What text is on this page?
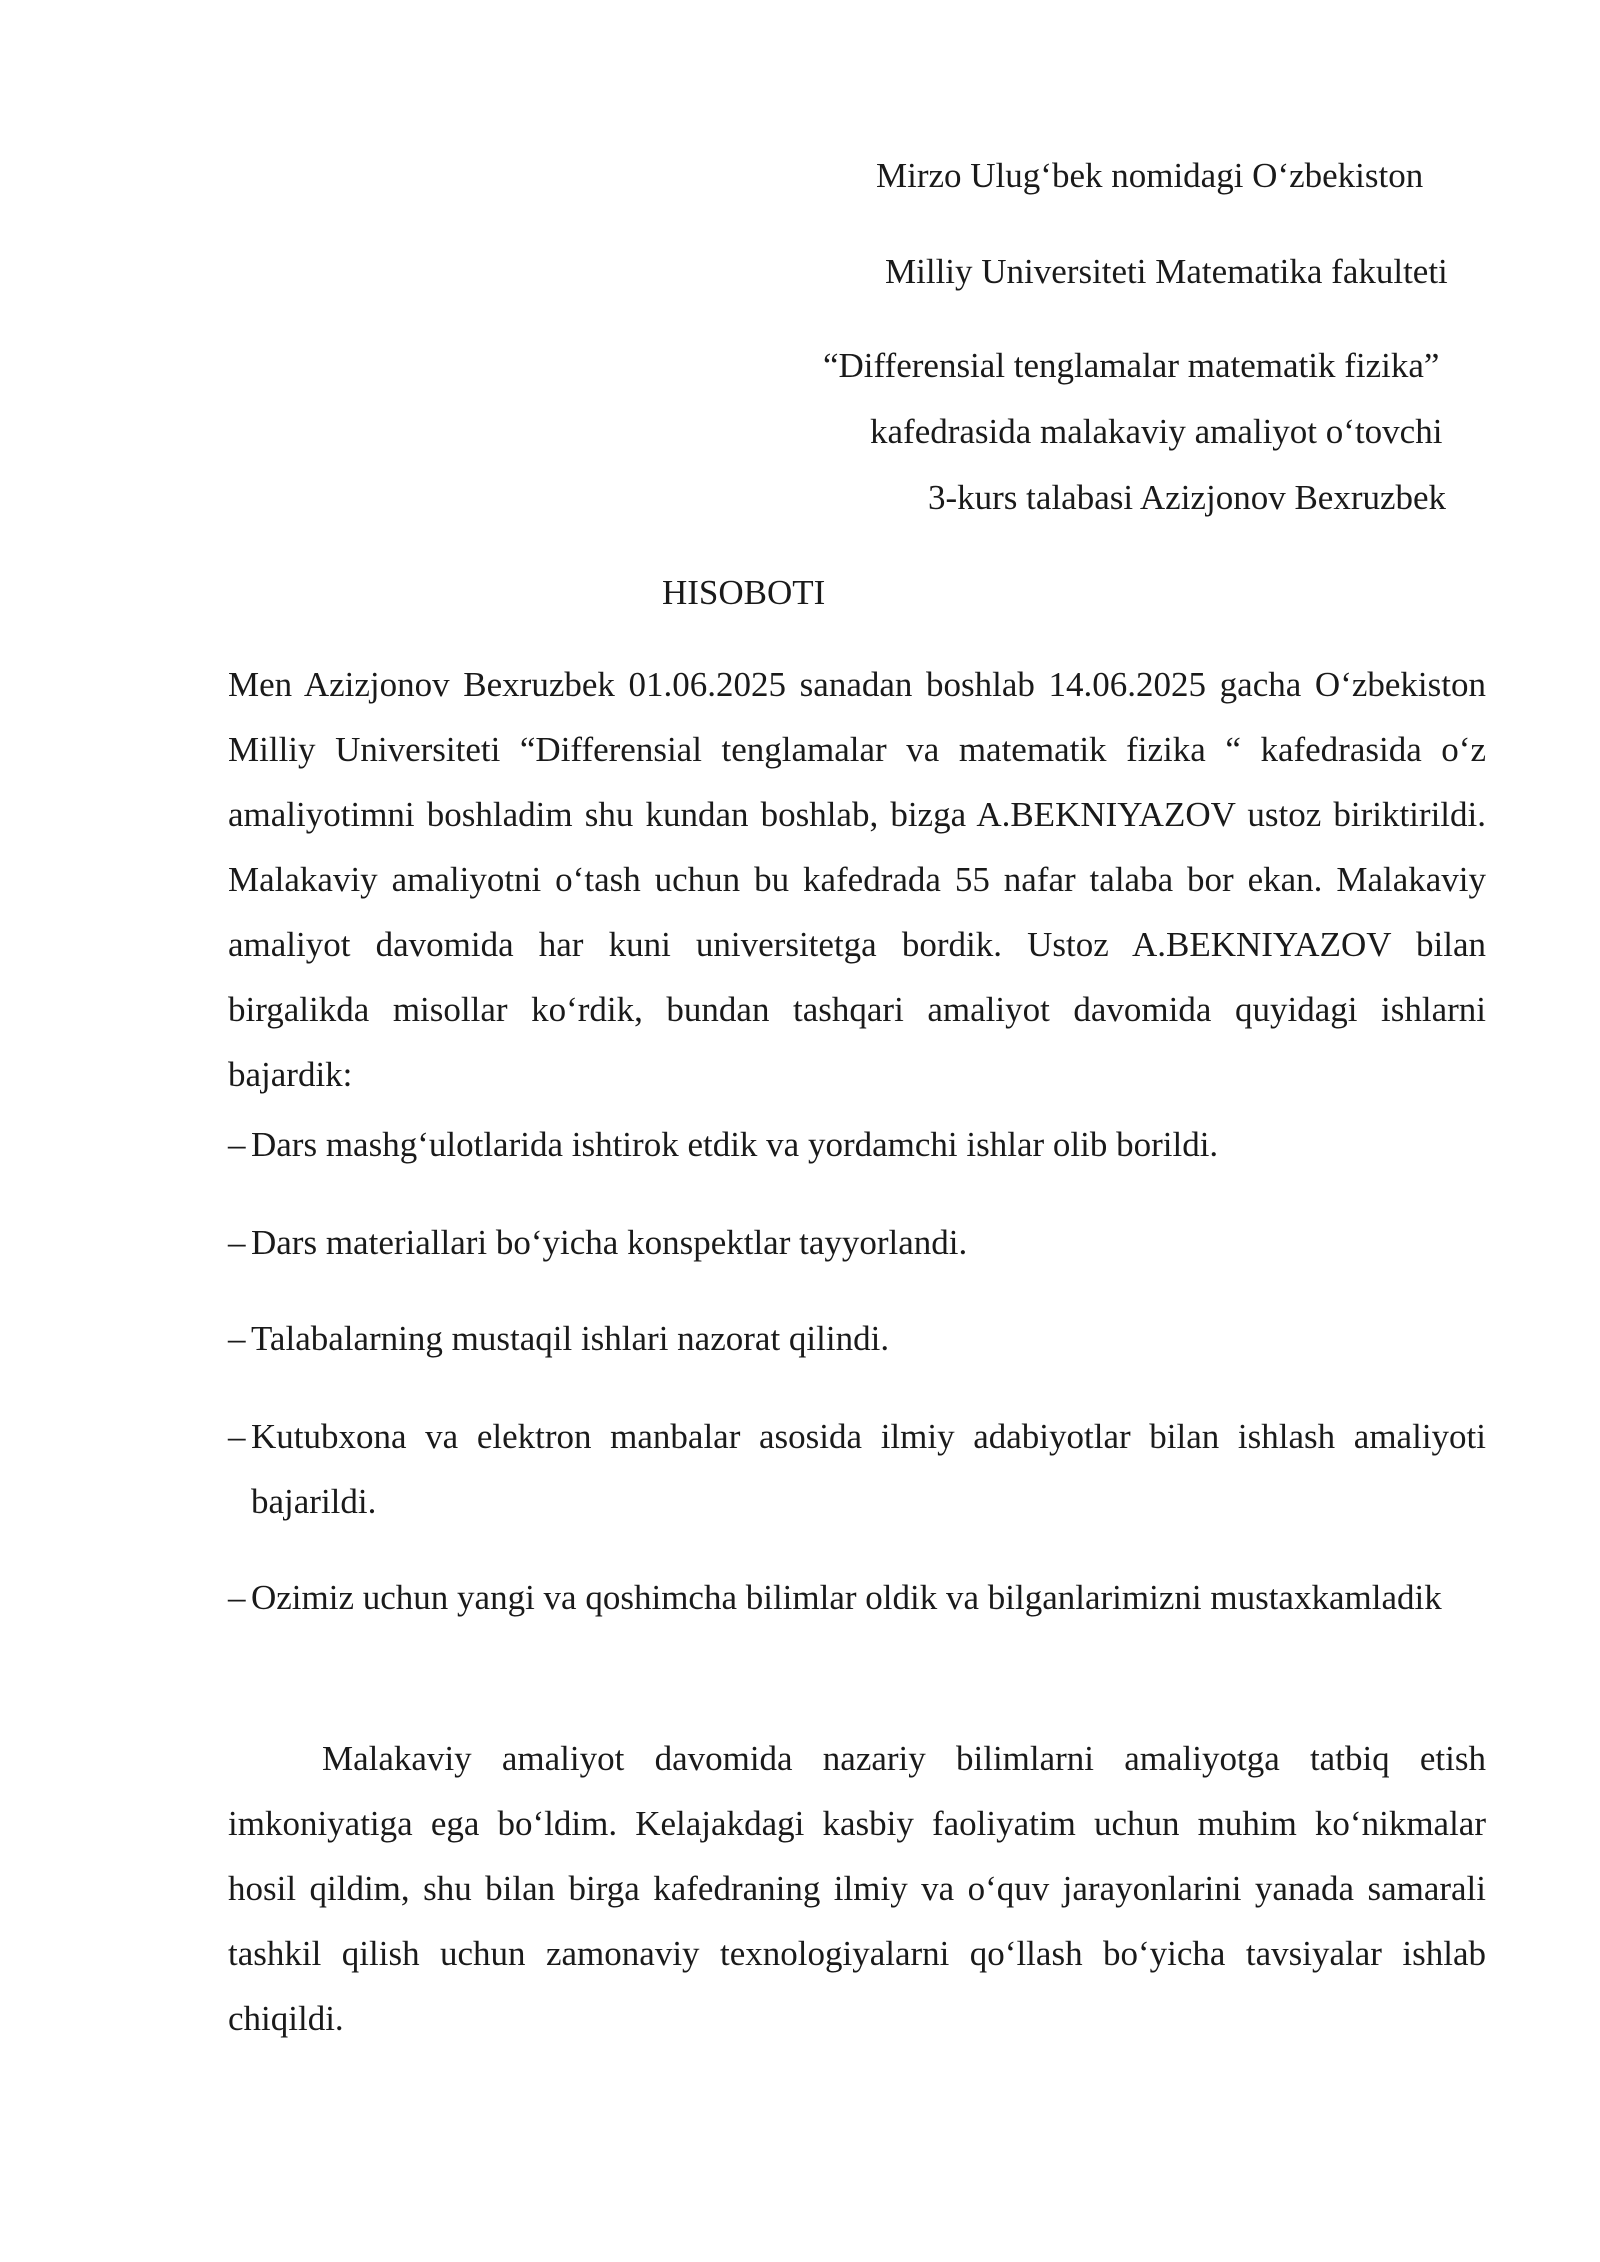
Mirzo Ulug‘bek nomidagi O‘zbekiston
Milliy Universiteti Matematika fakulteti
“Differensial tenglamalar matematik fizika”
kafedrasida malakaviy amaliyot o‘tovchi
3-kurs talabasi Azizjonov Bexruzbek
HISOBOTI
Men Azizjonov Bexruzbek 01.06.2025 sanadan boshlab 14.06.2025 gacha O‘zbekiston Milliy Universiteti “Differensial tenglamalar va matematik fizika “ kafedrasida o‘z amaliyotimni boshladim shu kundan boshlab, bizga A.BEKNIYAZOV ustoz biriktirildi. Malakaviy amaliyotni o‘tash uchun bu kafedrada 55 nafar talaba bor ekan. Malakaviy amaliyot davomida har kuni universitetga bordik. Ustoz A.BEKNIYAZOV bilan birgalikda misollar ko‘rdik, bundan tashqari amaliyot davomida quyidagi ishlarni bajardik:
– Dars mashg‘ulotlarida ishtirok etdik va yordamchi ishlar olib borildi.
– Dars materiallari bo‘yicha konspektlar tayyorlandi.
– Talabalarning mustaqil ishlari nazorat qilindi.
– Kutubxona va elektron manbalar asosida ilmiy adabiyotlar bilan ishlash amaliyoti bajarildi.
– Ozimiz uchun yangi va qoshimcha bilimlar oldik va bilganlarimizni mustaxkamladik
Malakaviy amaliyot davomida nazariy bilimlarni amaliyotga tatbiq etish imkoniyatiga ega bo‘ldim. Kelajakdagi kasbiy faoliyatim uchun muhim ko‘nikmalar hosil qildim, shu bilan birga kafedraning ilmiy va o‘quv jarayonlarini yanada samarali tashkil qilish uchun zamonaviy texnologiyalarni qo‘llash bo‘yicha tavsiyalar ishlab chiqildi.
